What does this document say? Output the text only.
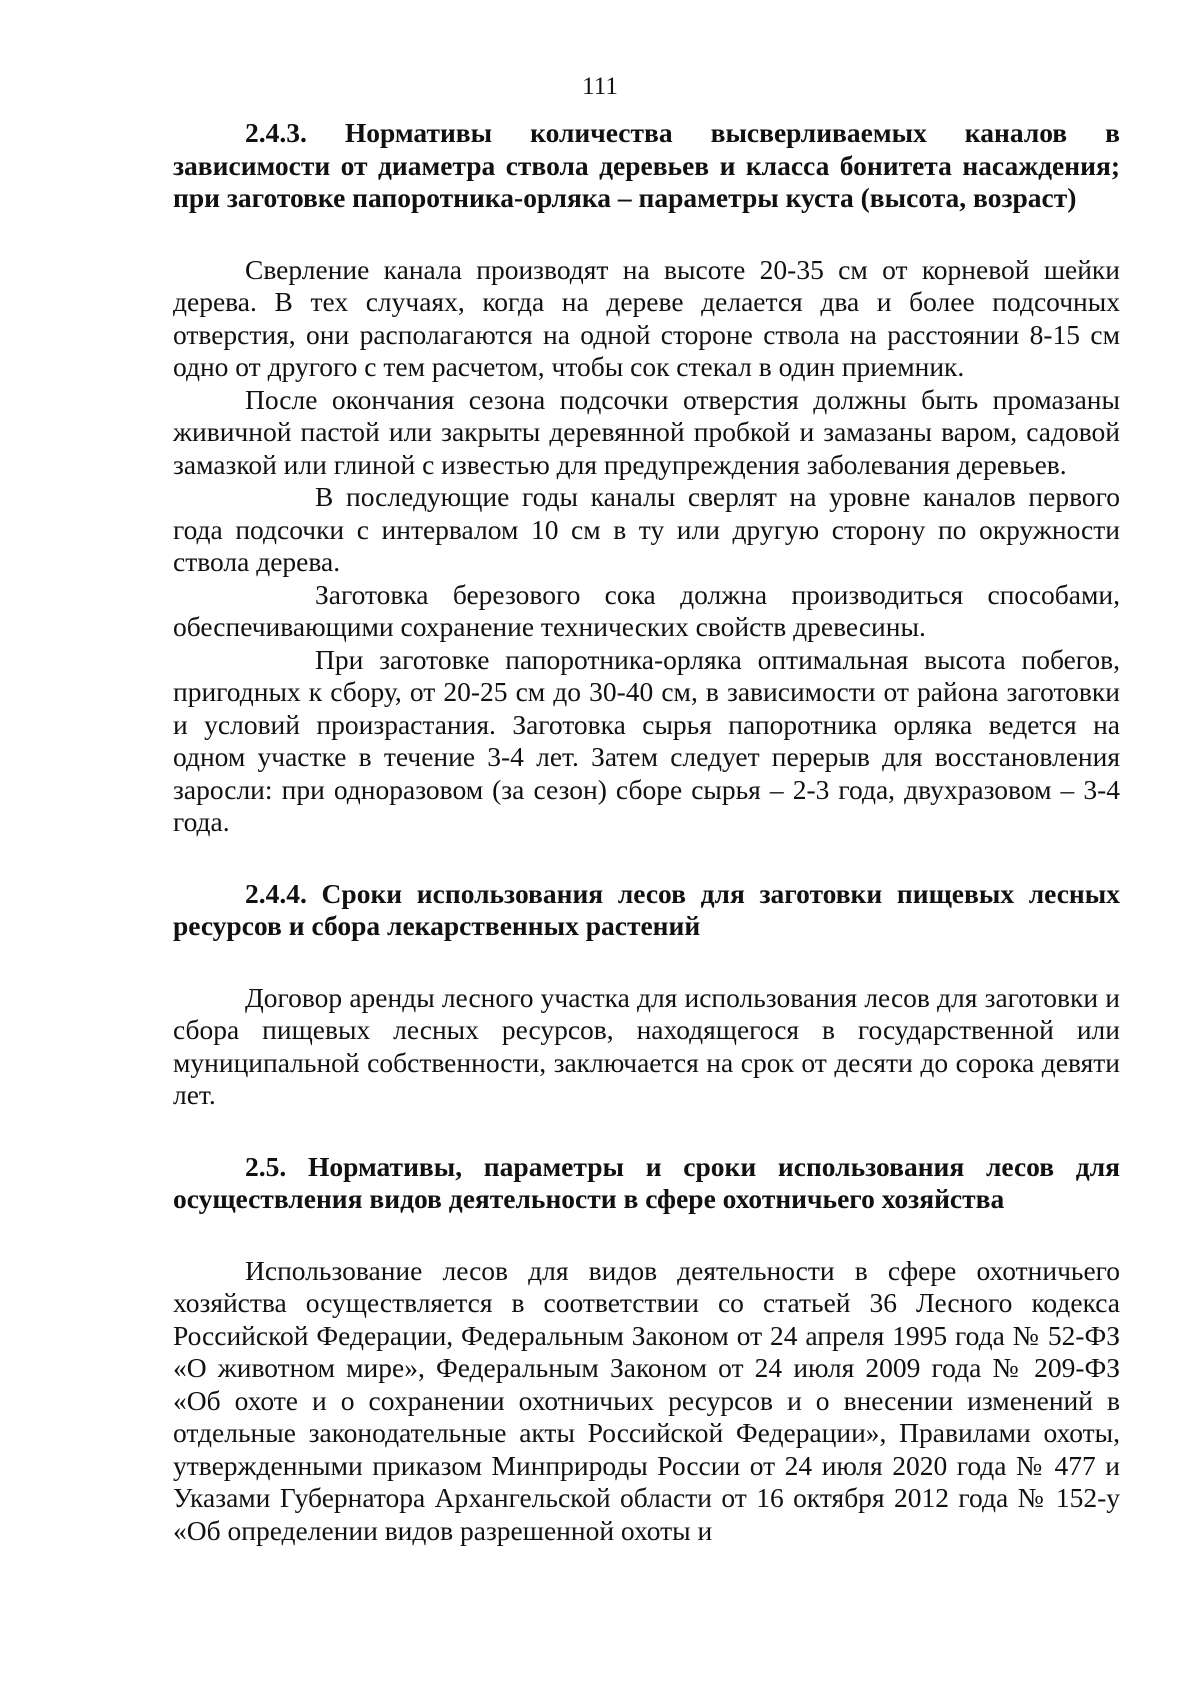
111

2.4.3. Нормативы количества высверливаемых каналов в зависимости от диаметра ствола деревьев и класса бонитета насаждения; при заготовке папоротника-орляка – параметры куста (высота, возраст)

Сверление канала производят на высоте 20-35 см от корневой шейки дерева. В тех случаях, когда на дереве делается два и более подсочных отверстия, они располагаются на одной стороне ствола на расстоянии 8-15 см одно от другого с тем расчетом, чтобы сок стекал в один приемник.

После окончания сезона подсочки отверстия должны быть промазаны живичной пастой или закрыты деревянной пробкой и замазаны варом, садовой замазкой или глиной с известью для предупреждения заболевания деревьев.

В последующие годы каналы сверлят на уровне каналов первого года подсочки с интервалом 10 см в ту или другую сторону по окружности ствола дерева.

Заготовка березового сока должна производиться способами, обеспечивающими сохранение технических свойств древесины.

При заготовке папоротника-орляка оптимальная высота побегов, пригодных к сбору, от 20-25 см до 30-40 см, в зависимости от района заготовки и условий произрастания. Заготовка сырья папоротника орляка ведется на одном участке в течение 3-4 лет. Затем следует перерыв для восстановления заросли: при одноразовом (за сезон) сборе сырья – 2-3 года, двухразовом – 3-4 года.

2.4.4. Сроки использования лесов для заготовки пищевых лесных ресурсов и сбора лекарственных растений

Договор аренды лесного участка для использования лесов для заготовки и сбора пищевых лесных ресурсов, находящегося в государственной или муниципальной собственности, заключается на срок от десяти до сорока девяти лет.

2.5. Нормативы, параметры и сроки использования лесов для осуществления видов деятельности в сфере охотничьего хозяйства

Использование лесов для видов деятельности в сфере охотничьего хозяйства осуществляется в соответствии со статьей 36 Лесного кодекса Российской Федерации, Федеральным Законом от 24 апреля 1995 года № 52-ФЗ «О животном мире», Федеральным Законом от 24 июля 2009 года № 209-ФЗ «Об охоте и о сохранении охотничьих ресурсов и о внесении изменений в отдельные законодательные акты Российской Федерации», Правилами охоты, утвержденными приказом Минприроды России от 24 июля 2020 года № 477 и Указами Губернатора Архангельской области от 16 октября 2012 года № 152-у «Об определении видов разрешенной охоты и
